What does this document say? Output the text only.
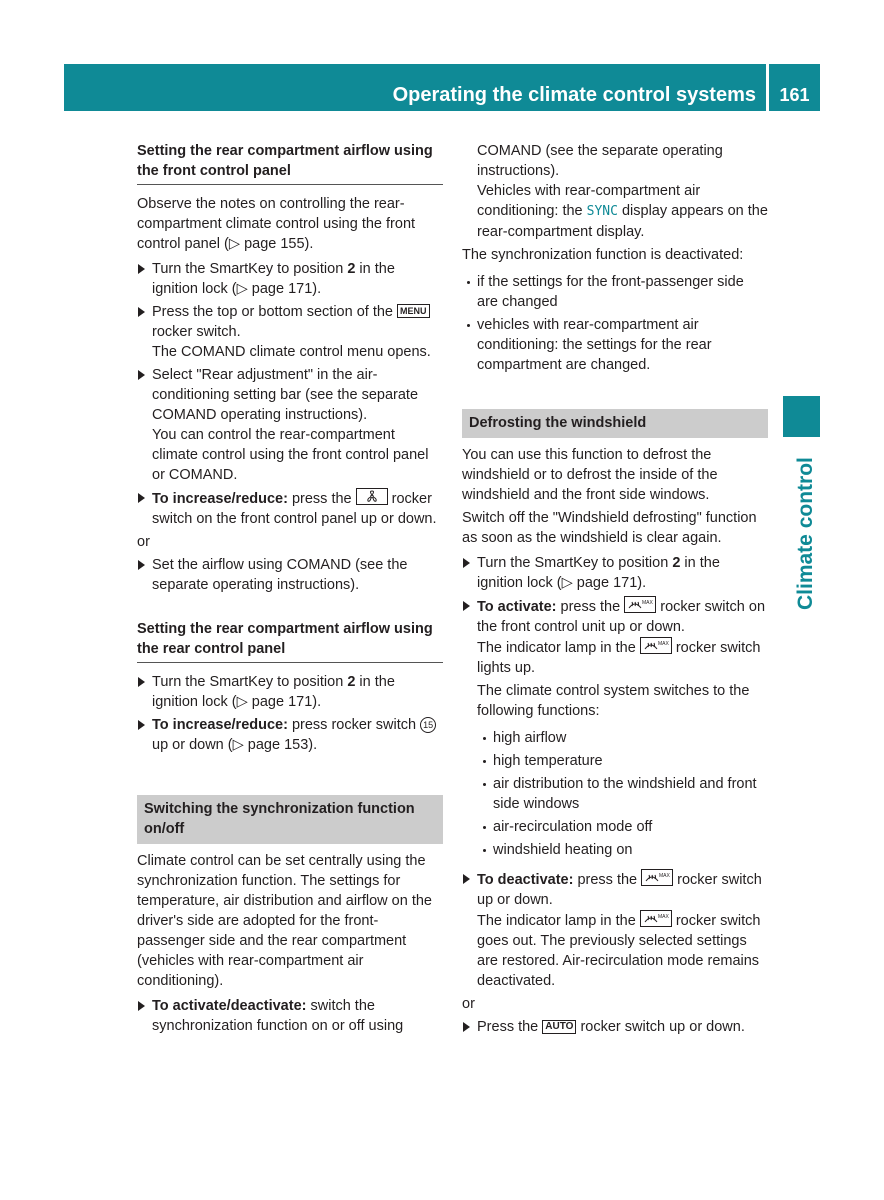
Operating the climate control systems	161
Climate control

Setting the rear compartment airflow using the front control panel

Observe the notes on controlling the rear-compartment climate control using the front control panel (▷ page 155).

Turn the SmartKey to position 2 in the ignition lock (▷ page 171).
Press the top or bottom section of the MENU rocker switch.

The COMAND climate control menu opens.

Select "Rear adjustment" in the air-conditioning setting bar (see the separate COMAND operating instructions).

You can control the rear-compartment climate control using the front control panel or COMAND.

To increase/reduce: press the
rocker switch on the front control panel up or down.

or

Set the airflow using COMAND (see the separate operating instructions).

Setting the rear compartment airflow using the rear control panel

Turn the SmartKey to position 2 in the ignition lock (▷ page 171).
To increase/reduce: press rocker switch 15 up or down (▷ page 153).

Switching the synchronization function on/off

Climate control can be set centrally using the synchronization function. The settings for temperature, air distribution and airflow on the driver's side are adopted for the front-passenger side and the rear compartment (vehicles with rear-compartment air conditioning).

To activate/deactivate: switch the synchronization function on or off using

COMAND (see the separate operating instructions).

Vehicles with rear-compartment air conditioning: the SYNC display appears on the rear-compartment display.

The synchronization function is deactivated:

if the settings for the front-passenger side are changed
vehicles with rear-compartment air conditioning: the settings for the rear compartment are changed.

Defrosting the windshield

You can use this function to defrost the windshield or to defrost the inside of the windshield and the front side windows.

Switch off the "Windshield defrosting" function as soon as the windshield is clear again.

Turn the SmartKey to position 2 in the ignition lock (▷ page 171).
To activate: press the	MAX rocker switch on the front control unit up or down.

The indicator lamp in the	MAX rocker switch lights up.

The climate control system switches to the following functions:

high airflow
high temperature
air distribution to the windshield and front side windows
air-recirculation mode off
windshield heating on
To deactivate: press the	MAX rocker switch up or down.

The indicator lamp in the	MAX rocker switch goes out. The previously selected settings are restored. Air-recirculation mode remains deactivated.

or

Press the AUTO rocker switch up or down.
